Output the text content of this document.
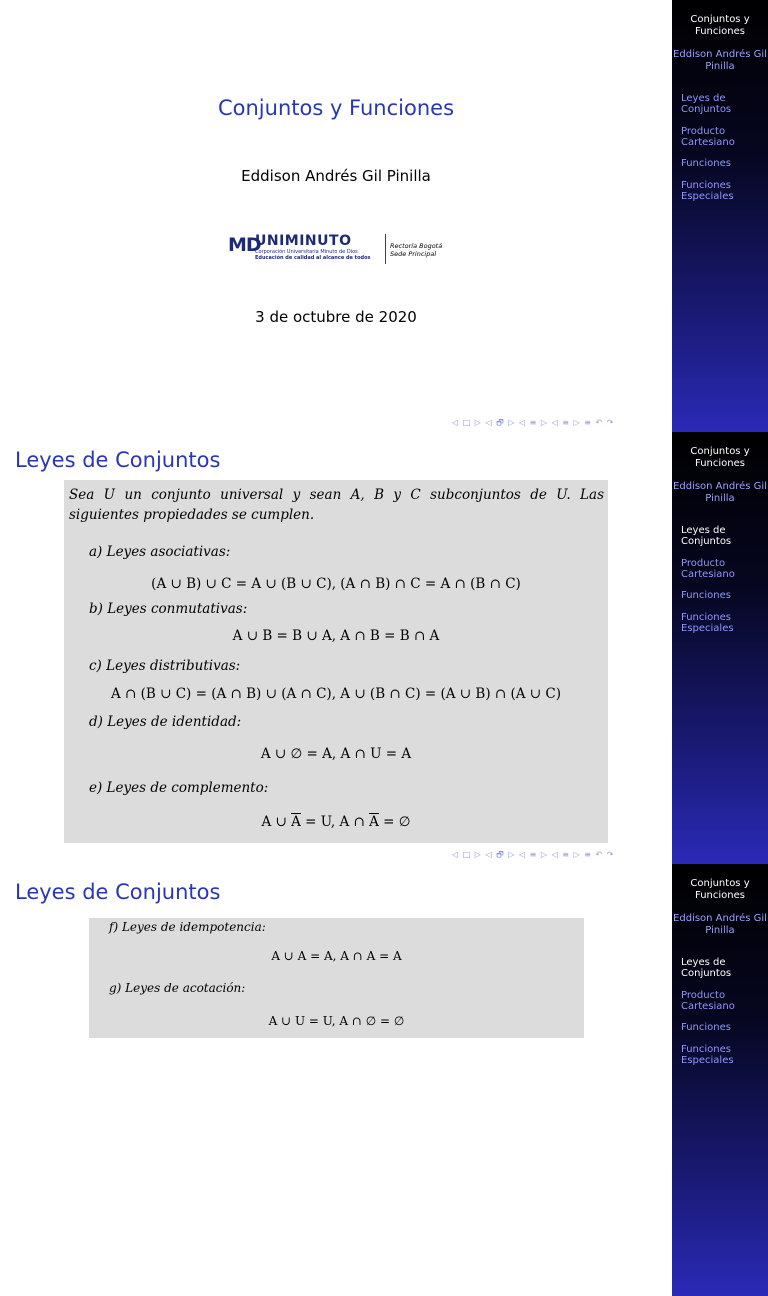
Conjuntos y Funciones
Eddison Andrés Gil Pinilla
MD
UNIMINUTO
Corporación Universitaria Minuto de Dios
Educación de calidad al alcance de todos
Rectoría Bogotá
Sede Principal
3 de octubre de 2020
◁ □ ▷ ◁ 🗗 ▷ ◁ ≡ ▷ ◁ ≡ ▷ ≡ ↶ ↷
Conjuntos y Funciones
Eddison Andrés Gil Pinilla
Leyes de Conjuntos
Producto Cartesiano
Funciones
Funciones Especiales
Leyes de Conjuntos
Sea U un conjunto universal y sean A, B y C subconjuntos de U. Las siguientes propiedades se cumplen.
a) Leyes asociativas:
(A ∪ B) ∪ C = A ∪ (B ∪ C), (A ∩ B) ∩ C = A ∩ (B ∩ C)
b) Leyes conmutativas:
A ∪ B = B ∪ A, A ∩ B = B ∩ A
c) Leyes distributivas:
A ∩ (B ∪ C) = (A ∩ B) ∪ (A ∩ C), A ∪ (B ∩ C) = (A ∪ B) ∩ (A ∪ C)
d) Leyes de identidad:
A ∪ ∅ = A, A ∩ U = A
e) Leyes de complemento:
A ∪ $\overline{A} = U$, A ∩ $\overline{A}$ = ∅
◁ □ ▷ ◁ 🗗 ▷ ◁ ≡ ▷ ◁ ≡ ▷ ≡ ↶ ↷
Conjuntos y Funciones
Eddison Andrés Gil Pinilla
Leyes de Conjuntos
Producto Cartesiano
Funciones
Funciones Especiales
Leyes de Conjuntos
f) Leyes de idempotencia:
A ∪ A = A, A ∩ A = A
g) Leyes de acotación:
A ∪ U = U, A ∩ ∅ = ∅
Conjuntos y Funciones
Eddison Andrés Gil Pinilla
Leyes de Conjuntos
Producto Cartesiano
Funciones
Funciones Especiales
